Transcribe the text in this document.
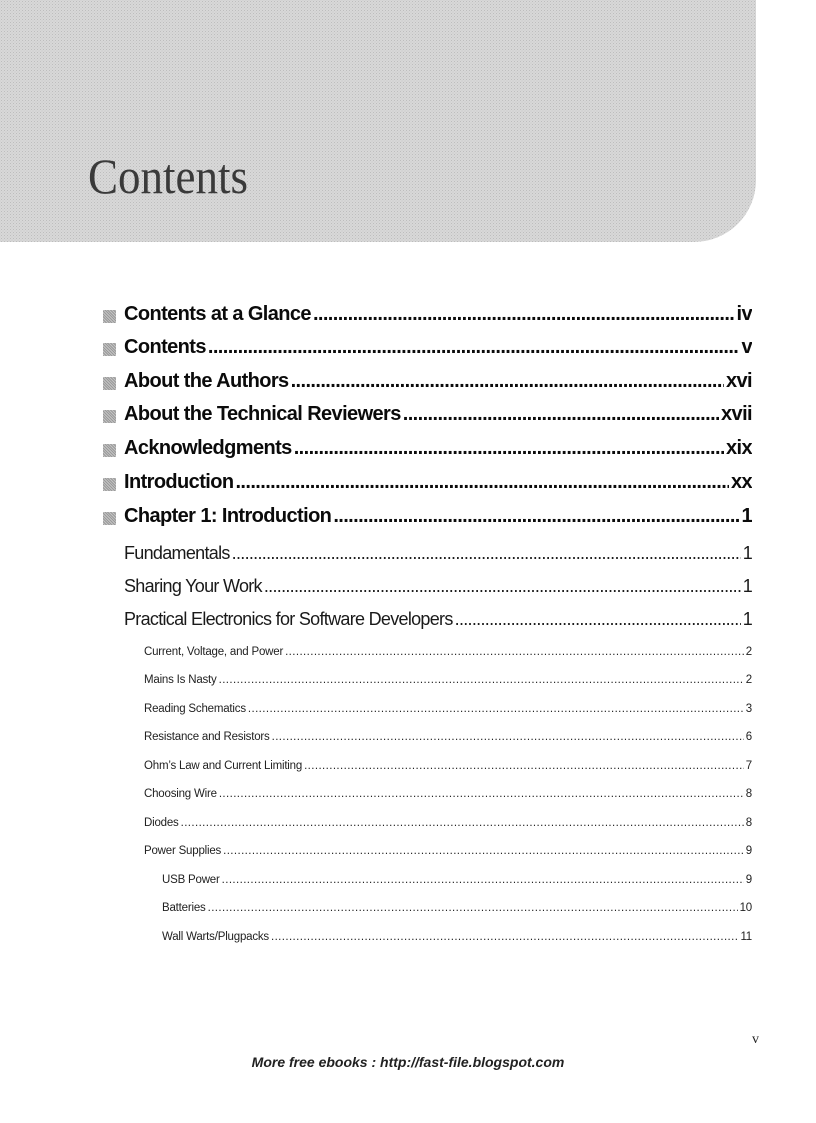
Contents
Contents at a Glance .....	iv
Contents .....	v
About the Authors .....	xvi
About the Technical Reviewers .....	xvii
Acknowledgments .....	xix
Introduction .....	xx
Chapter 1: Introduction .....	1
Fundamentals .....	1
Sharing Your Work .....	1
Practical Electronics for Software Developers .....	1
Current, Voltage, and Power .....	2
Mains Is Nasty .....	2
Reading Schematics .....	3
Resistance and Resistors .....	6
Ohm’s Law and Current Limiting .....	7
Choosing Wire .....	8
Diodes .....	8
Power Supplies .....	9
USB Power .....	9
Batteries .....	10
Wall Warts/Plugpacks .....	11
v
More free ebooks : http://fast-file.blogspot.com
